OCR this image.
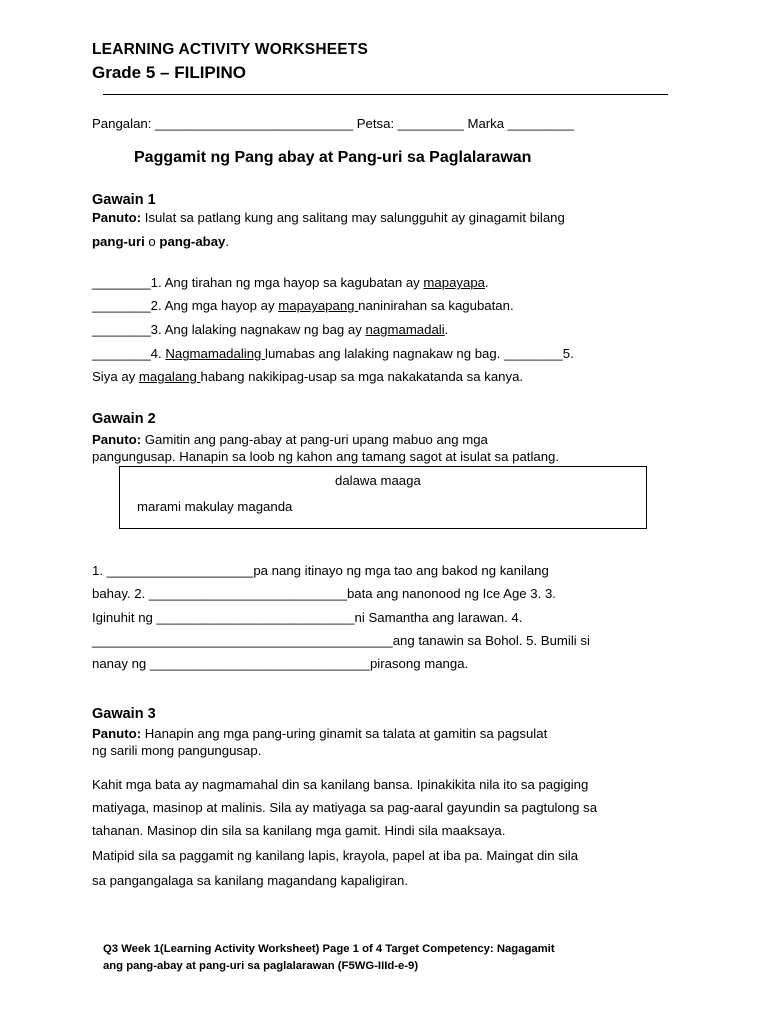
LEARNING ACTIVITY WORKSHEETS
Grade 5 – FILIPINO
Pangalan: ___________________________ Petsa: _________ Marka _________
Paggamit ng Pang abay at Pang-uri sa Paglalarawan
Gawain 1
Panuto: Isulat sa patlang kung ang salitang may salungguhit ay ginagamit bilang
pang-uri o pang-abay.
________1. Ang tirahan ng mga hayop sa kagubatan ay mapayapa.
________2. Ang mga hayop ay mapayapang naninirahan sa kagubatan.
________3. Ang lalaking nagnakaw ng bag ay nagmamadali.
________4. Nagmamadaling lumabas ang lalaking nagnakaw ng bag. ________5.
Siya ay magalang habang nakikipag-usap sa mga nakakatanda sa kanya.
Gawain 2
Panuto: Gamitin ang pang-abay at pang-uri upang mabuo ang mga
pangungusap. Hanapin sa loob ng kahon ang tamang sagot at isulat sa patlang.
dalawa maaga
marami makulay maganda
1. ____________________pa nang itinayo ng mga tao ang bakod ng kanilang
bahay. 2. ___________________________bata ang nanonood ng Ice Age 3. 3.
Iginuhit ng ___________________________ni Samantha ang larawan. 4.
_________________________________________ang tanawin sa Bohol. 5. Bumili si
nanay ng ______________________________pirasong manga.
Gawain 3
Panuto: Hanapin ang mga pang-uring ginamit sa talata at gamitin sa pagsulat
ng sarili mong pangungusap.
Kahit mga bata ay nagmamahal din sa kanilang bansa. Ipinakikita nila ito sa pagiging
matiyaga, masinop at malinis. Sila ay matiyaga sa pag-aaral gayundin sa pagtulong sa
tahanan. Masinop din sila sa kanilang mga gamit. Hindi sila maaksaya.
Matipid sila sa paggamit ng kanilang lapis, krayola, papel at iba pa. Maingat din sila
sa pangangalaga sa kanilang magandang kapaligiran.
Q3 Week 1(Learning Activity Worksheet) Page 1 of 4 Target Competency: Nagagamit
ang pang-abay at pang-uri sa paglalarawan (F5WG-IIId-e-9)
